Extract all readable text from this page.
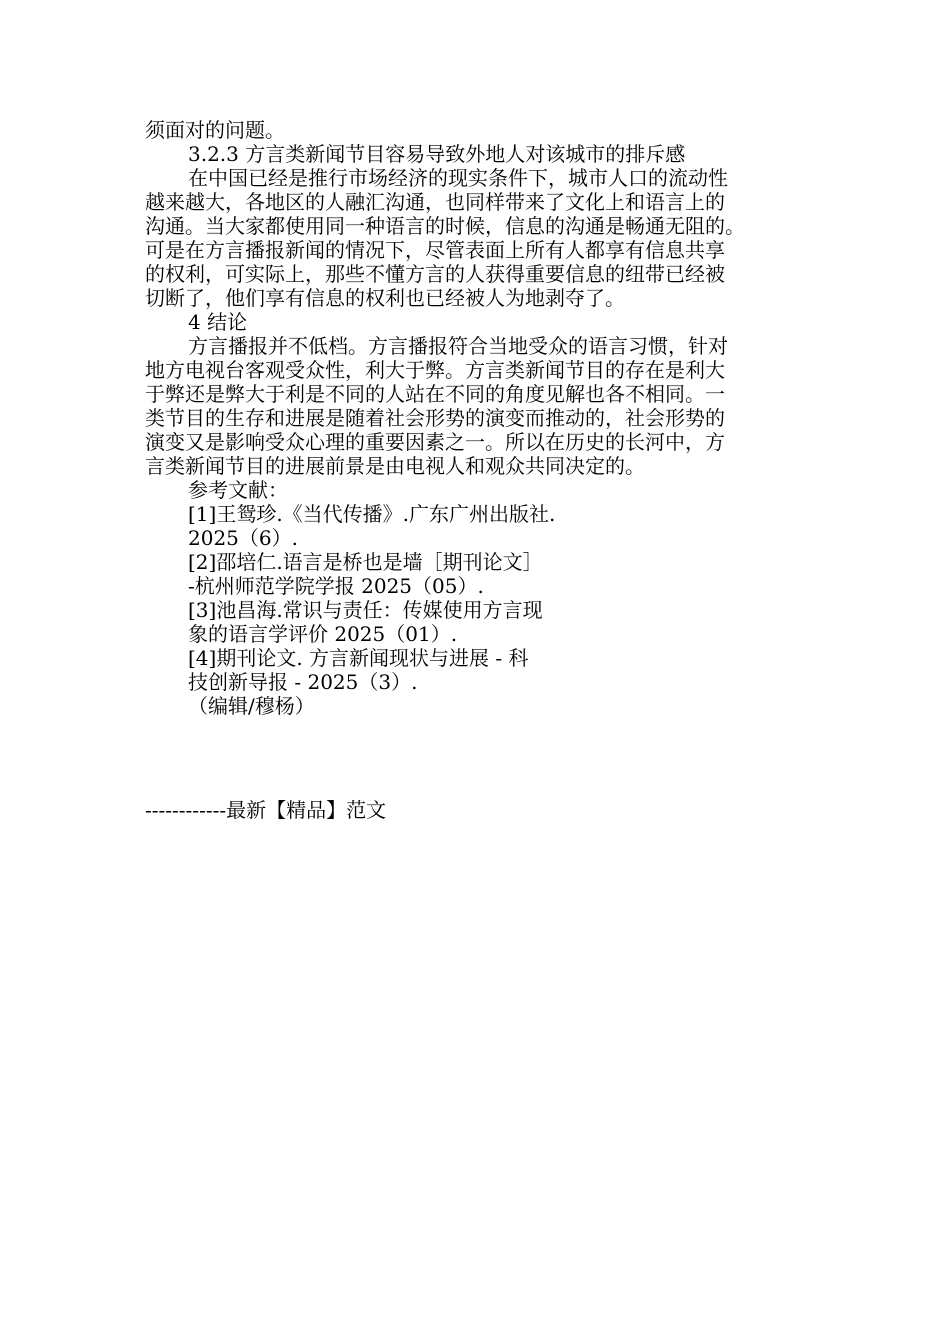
须面对的问题。
3.2.3 方言类新闻节目容易导致外地人对该城市的排斥感
在中国已经是推行市场经济的现实条件下，城市人口的流动性
越来越大，各地区的人融汇沟通，也同样带来了文化上和语言上的
沟通。当大家都使用同一种语言的时候，信息的沟通是畅通无阻的。
可是在方言播报新闻的情况下，尽管表面上所有人都享有信息共享
的权利，可实际上，那些不懂方言的人获得重要信息的纽带已经被
切断了，他们享有信息的权利也已经被人为地剥夺了。
4 结论
方言播报并不低档。方言播报符合当地受众的语言习惯，针对
地方电视台客观受众性，利大于弊。方言类新闻节目的存在是利大
于弊还是弊大于利是不同的人站在不同的角度见解也各不相同。一
类节目的生存和进展是随着社会形势的演变而推动的，社会形势的
演变又是影响受众心理的重要因素之一。所以在历史的长河中，方
言类新闻节目的进展前景是由电视人和观众共同决定的。
参考文献：
[1]王鸳珍.《当代传播》.广东广州出版社.
2025（6）.
[2]邵培仁.语言是桥也是墙［期刊论文］
-杭州师范学院学报 2025（05）.
[3]池昌海.常识与责任：传媒使用方言现
象的语言学评价 2025（01）.
[4]期刊论文. 方言新闻现状与进展 - 科
技创新导报 - 2025（3）.
（编辑/穆杨）
------------最新【精品】范文
